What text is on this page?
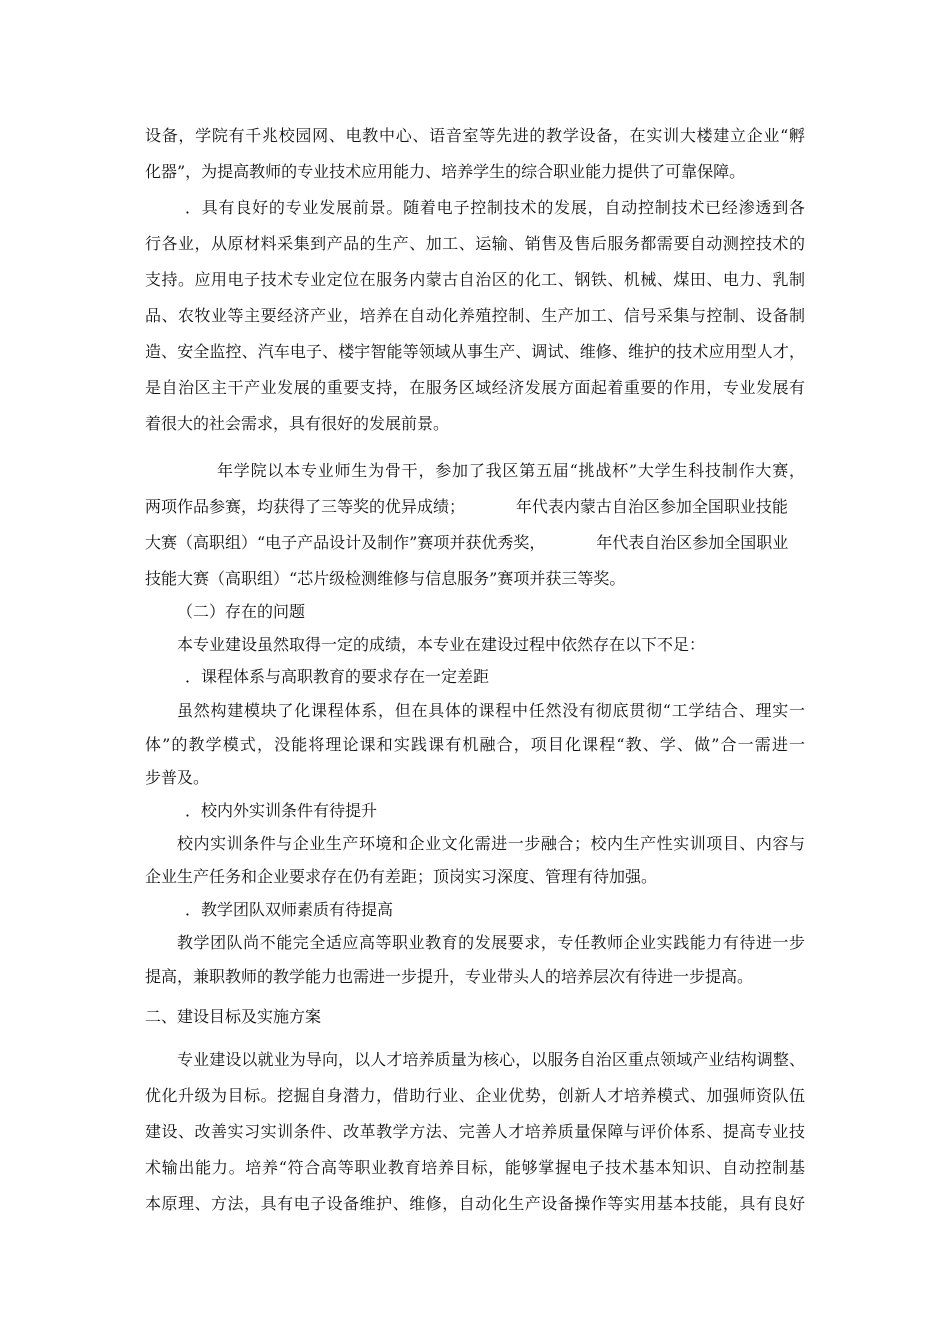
设备，学院有千兆校园网、电教中心、语音室等先进的教学设备，在实训大楼建立企业“孵
化器”，为提高教师的专业技术应用能力、培养学生的综合职业能力提供了可靠保障。
．具有良好的专业发展前景。随着电子控制技术的发展，自动控制技术已经渗透到各
行各业，从原材料采集到产品的生产、加工、运输、销售及售后服务都需要自动测控技术的
支持。应用电子技术专业定位在服务内蒙古自治区的化工、钢铁、机械、煤田、电力、乳制
品、农牧业等主要经济产业，培养在自动化养殖控制、生产加工、信号采集与控制、设备制
造、安全监控、汽车电子、楼宇智能等领域从事生产、调试、维修、维护的技术应用型人才，
是自治区主干产业发展的重要支持，在服务区域经济发展方面起着重要的作用，专业发展有
着很大的社会需求，具有很好的发展前景。
年学院以本专业师生为骨干，参加了我区第五届“挑战杯”大学生科技制作大赛，
两项作品参赛，均获得了三等奖的优异成绩；          年代表内蒙古自治区参加全国职业技能
大赛（高职组）“电子产品设计及制作”赛项并获优秀奖，          年代表自治区参加全国职业
技能大赛（高职组）“芯片级检测维修与信息服务”赛项并获三等奖。
（二）存在的问题
本专业建设虽然取得一定的成绩，本专业在建设过程中依然存在以下不足：
．课程体系与高职教育的要求存在一定差距
虽然构建模块了化课程体系，但在具体的课程中任然没有彻底贯彻“工学结合、理实一
体”的教学模式，没能将理论课和实践课有机融合，项目化课程“教、学、做”合一需进一
步普及。
．校内外实训条件有待提升
校内实训条件与企业生产环境和企业文化需进一步融合；校内生产性实训项目、内容与
企业生产任务和企业要求存在仍有差距；顶岗实习深度、管理有待加强。
．教学团队双师素质有待提高
教学团队尚不能完全适应高等职业教育的发展要求，专任教师企业实践能力有待进一步
提高，兼职教师的教学能力也需进一步提升，专业带头人的培养层次有待进一步提高。
二、建设目标及实施方案
专业建设以就业为导向，以人才培养质量为核心，以服务自治区重点领域产业结构调整、
优化升级为目标。挖掘自身潜力，借助行业、企业优势，创新人才培养模式、加强师资队伍
建设、改善实习实训条件、改革教学方法、完善人才培养质量保障与评价体系、提高专业技
术输出能力。培养“符合高等职业教育培养目标，能够掌握电子技术基本知识、自动控制基
本原理、方法，具有电子设备维护、维修，自动化生产设备操作等实用基本技能，具有良好
